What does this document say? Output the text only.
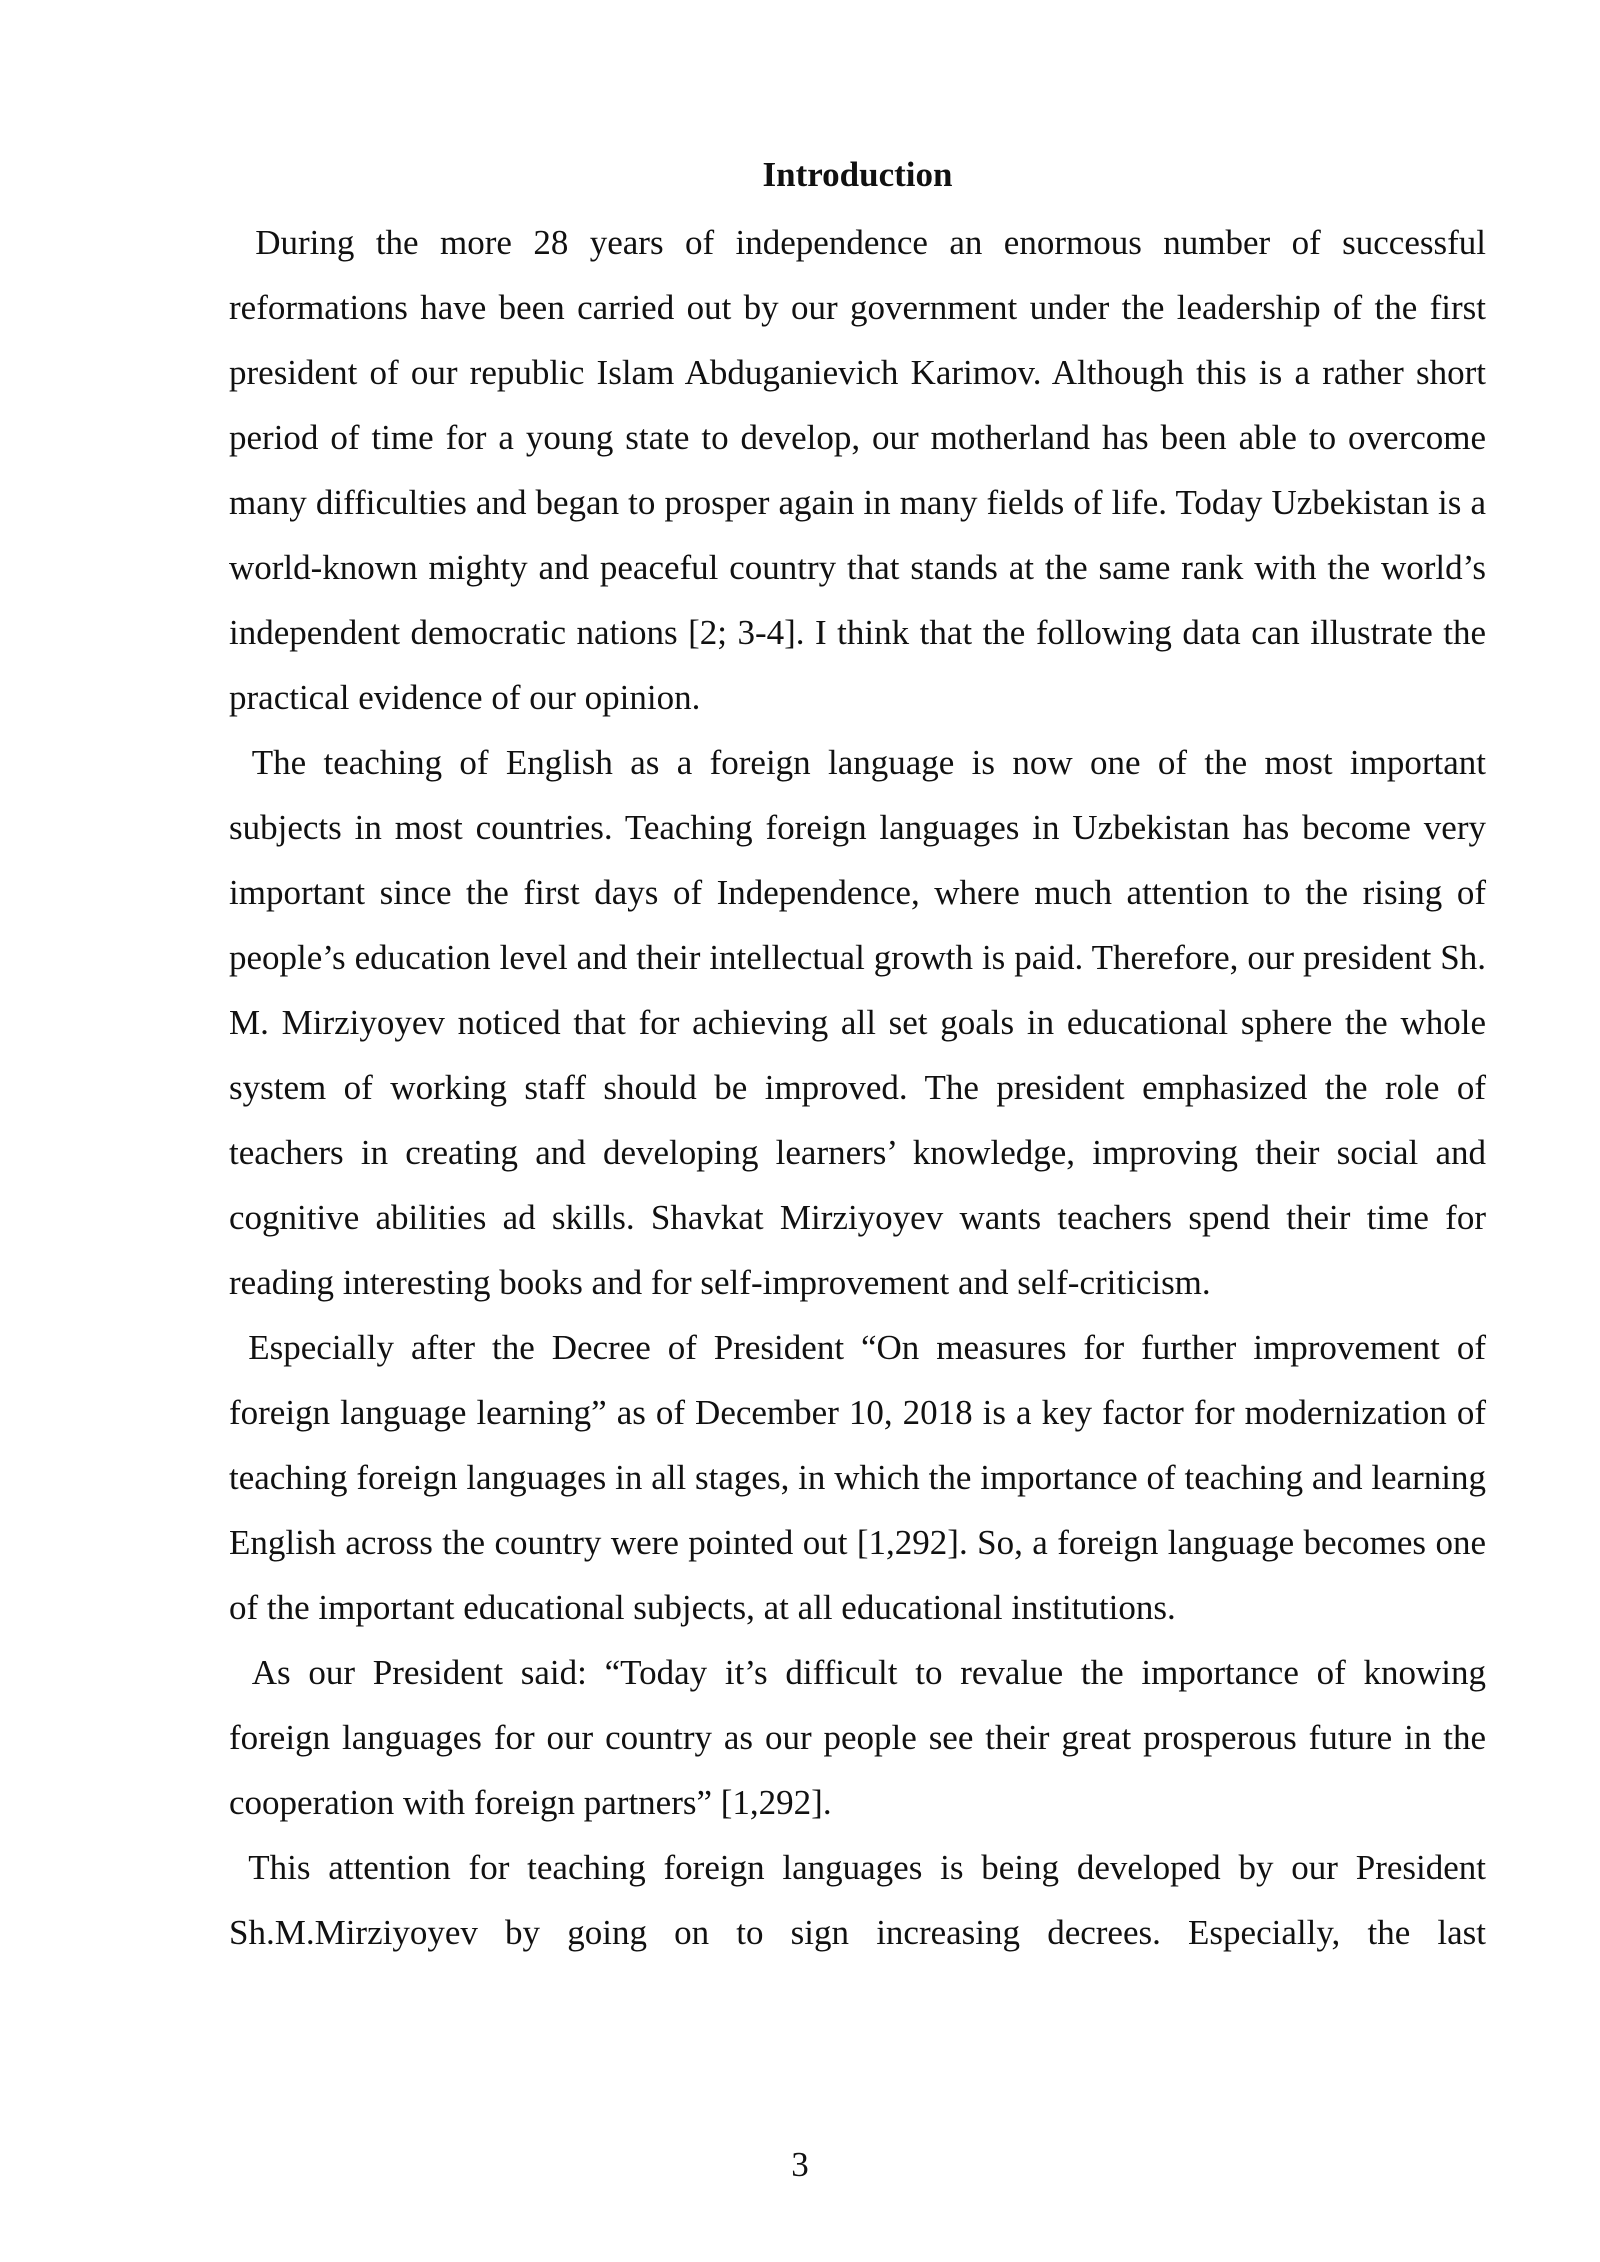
Introduction

During the more 28 years of independence an enormous number of successful reformations have been carried out by our government under the leadership of the first president of our republic Islam Abduganievich Karimov. Although this is a rather short period of time for a young state to develop, our motherland has been able to overcome many difficulties and began to prosper again in many fields of life. Today Uzbekistan is a world-known mighty and peaceful country that stands at the same rank with the world’s independent democratic nations [2; 3-4]. I think that the following data can illustrate the practical evidence of our opinion.

The teaching of English as a foreign language is now one of the most important subjects in most countries. Teaching foreign languages in Uzbekistan has become very important since the first days of Independence, where much attention to the rising of people’s education level and their intellectual growth is paid. Therefore, our president Sh. M. Mirziyoyev noticed that for achieving all set goals in educational sphere the whole system of working staff should be improved. The president emphasized the role of teachers in creating and developing learners’ knowledge, improving their social and cognitive abilities ad skills. Shavkat Mirziyoyev wants teachers spend their time for reading interesting books and for self-improvement and self-criticism.

Especially after the Decree of President “On measures for further improvement of foreign language learning” as of December 10, 2018 is a key factor for modernization of teaching foreign languages in all stages, in which the importance of teaching and learning English across the country were pointed out [1,292]. So, a foreign language becomes one of the important educational subjects, at all educational institutions.

As our President said: “Today it’s difficult to revalue the importance of knowing foreign languages for our country as our people see their great prosperous future in the cooperation with foreign partners” [1,292].

This attention for teaching foreign languages is being developed by our President Sh.M.Mirziyoyev by going on to sign increasing decrees. Especially, the last

3
